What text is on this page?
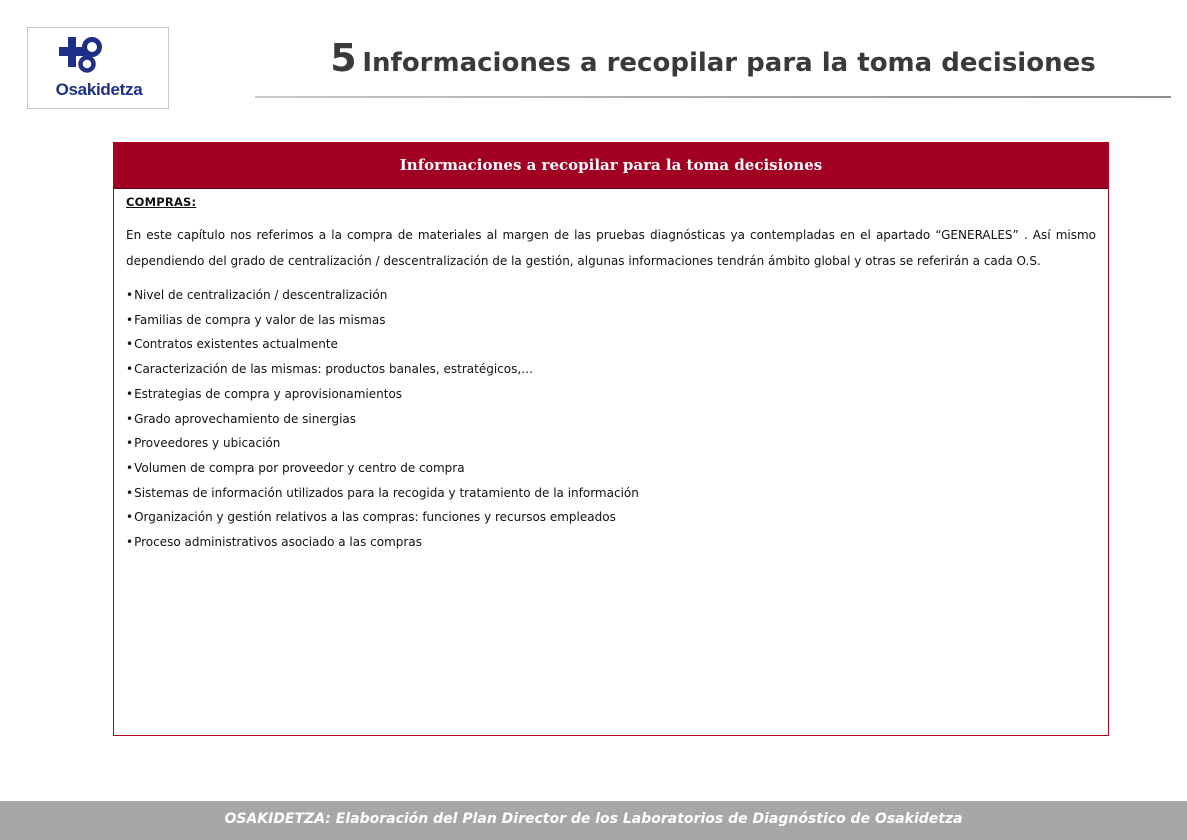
Osakidetza
5 Informaciones a recopilar para la toma decisiones
Informaciones a recopilar para la toma decisiones
COMPRAS:

En este capítulo nos referimos a la compra de materiales al margen de las pruebas diagnósticas ya contempladas en el apartado “GENERALES” . Así mismo dependiendo del grado de centralización / descentralización de la gestión, algunas informaciones tendrán ámbito global y otras se referirán a cada O.S.

•Nivel de centralización / descentralización
•Familias de compra y valor de las mismas
•Contratos existentes actualmente
•Caracterización de las mismas: productos banales, estratégicos,…
•Estrategias de compra y aprovisionamientos
•Grado aprovechamiento de sinergias
•Proveedores y ubicación
•Volumen de compra por proveedor y centro de compra
•Sistemas de información utilizados para la recogida y tratamiento de la información
•Organización y gestión relativos a las compras: funciones y recursos empleados
•Proceso administrativos asociado a las compras
OSAKIDETZA: Elaboración del Plan Director de los Laboratorios de Diagnóstico de Osakidetza
